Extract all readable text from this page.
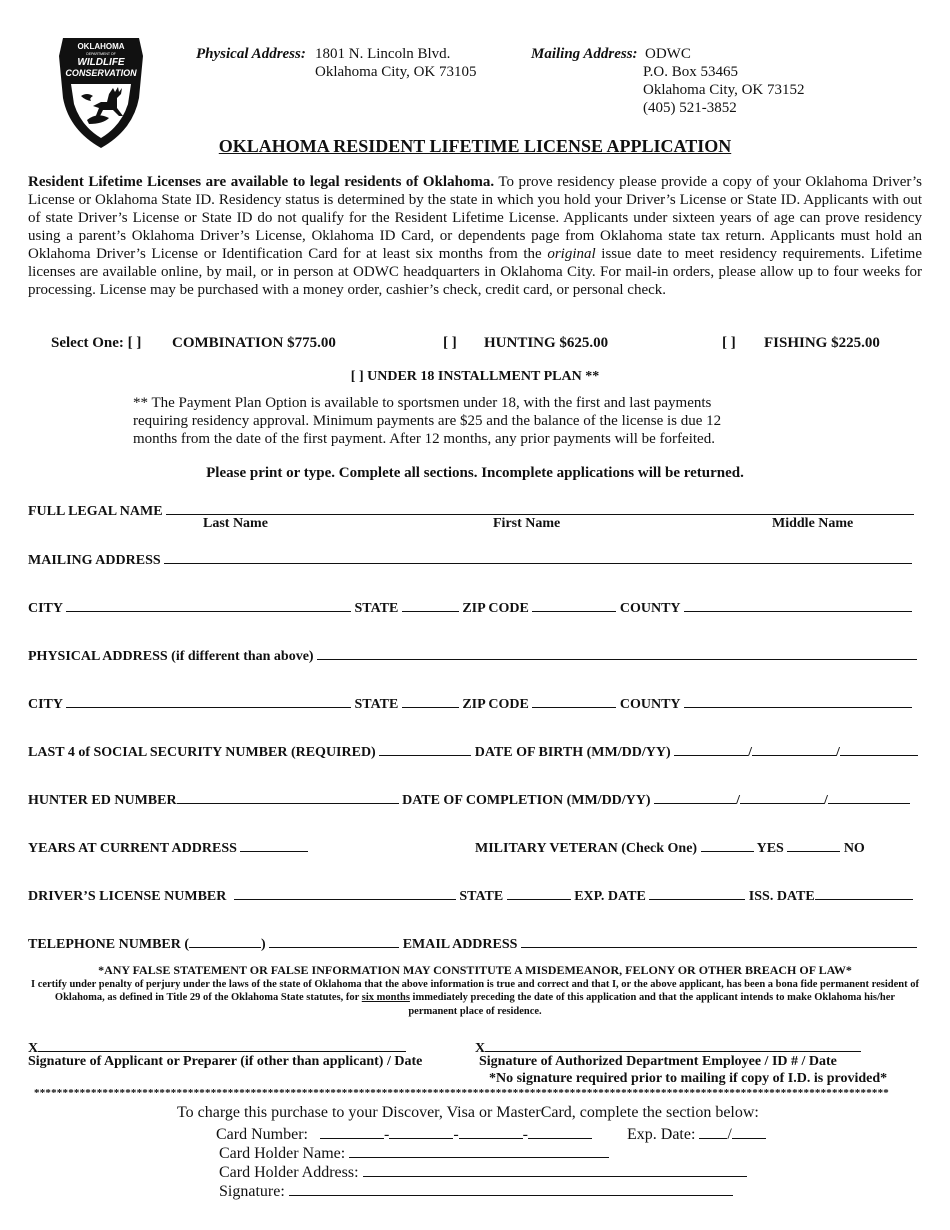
OKLAHOMA
DEPARTMENT OF
WILDLIFE
CONSERVATION
Physical Address: 1801 N. Lincoln Blvd.
Oklahoma City, OK 73105
Mailing Address: ODWC
P.O. Box 53465
Oklahoma City, OK 73152
(405) 521-3852
OKLAHOMA RESIDENT LIFETIME LICENSE APPLICATION
Resident Lifetime Licenses are available to legal residents of Oklahoma. To prove residency please provide a copy of your Oklahoma Driver’s License or Oklahoma State ID. Residency status is determined by the state in which you hold your Driver’s License or State ID. Applicants with out of state Driver’s License or State ID do not qualify for the Resident Lifetime License. Applicants under sixteen years of age can prove residency using a parent’s Oklahoma Driver’s License, Oklahoma ID Card, or dependents page from Oklahoma state tax return. Applicants must hold an Oklahoma Driver’s License or Identification Card for at least six months from the original issue date to meet residency requirements. Lifetime licenses are available online, by mail, or in person at ODWC headquarters in Oklahoma City. For mail-in orders, please allow up to four weeks for processing. License may be purchased with a money order, cashier’s check, credit card, or personal check.
Select One: [ ] COMBINATION $775.00	[ ] HUNTING $625.00	[ ] FISHING $225.00
[ ] UNDER 18 INSTALLMENT PLAN **
** The Payment Plan Option is available to sportsmen under 18, with the first and last payments
requiring residency approval. Minimum payments are $25 and the balance of the license is due 12
months from the date of the first payment. After 12 months, any prior payments will be forfeited.
Please print or type. Complete all sections. Incomplete applications will be returned.
FULL LEGAL NAME
Last Name	First Name	Middle Name
MAILING ADDRESS
CITY	STATE	ZIP CODE	COUNTY
PHYSICAL ADDRESS (if different than above)
CITY	STATE	ZIP CODE	COUNTY
LAST 4 of SOCIAL SECURITY NUMBER (REQUIRED)	DATE OF BIRTH (MM/DD/YY)	/	/
HUNTER ED NUMBER	DATE OF COMPLETION (MM/DD/YY)	/	/
YEARS AT CURRENT ADDRESS	MILITARY VETERAN (Check One)	YES	NO
DRIVER’S LICENSE NUMBER	STATE	EXP. DATE	ISS. DATE
TELEPHONE NUMBER (	)	EMAIL ADDRESS
*ANY FALSE STATEMENT OR FALSE INFORMATION MAY CONSTITUTE A MISDEMEANOR, FELONY OR OTHER BREACH OF LAW*
I certify under penalty of perjury under the laws of the state of Oklahoma that the above information is true and correct and that I, or the above applicant, has been a bona fide permanent resident of Oklahoma, as defined in Title 29 of the Oklahoma State statutes, for six months immediately preceding the date of this application and that the applicant intends to make Oklahoma his/her permanent place of residence.
X
Signature of Applicant or Preparer (if other than applicant) / Date
X
Signature of Authorized Department Employee / ID # / Date
*No signature required prior to mailing if copy of I.D. is provided*
******************************************************************************************************************************************************
To charge this purchase to your Discover, Visa or MasterCard, complete the section below:
Card Number:	-	-	-	Exp. Date: /
Card Holder Name:
Card Holder Address:
Signature:
